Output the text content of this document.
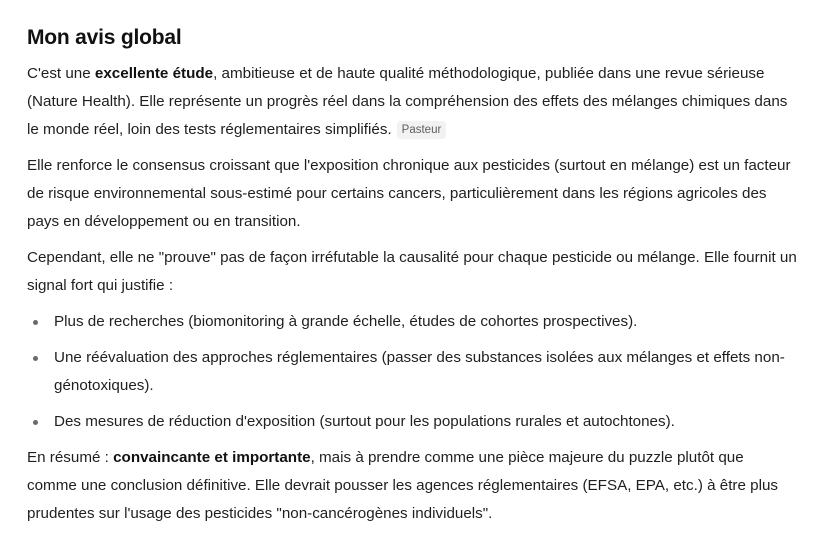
Mon avis global

C'est une excellente étude, ambitieuse et de haute qualité méthodologique, publiée dans une revue sérieuse (Nature Health). Elle représente un progrès réel dans la compréhension des effets des mélanges chimiques dans le monde réel, loin des tests réglementaires simplifiés. Pasteur

Elle renforce le consensus croissant que l'exposition chronique aux pesticides (surtout en mélange) est un facteur de risque environnemental sous-estimé pour certains cancers, particulièrement dans les régions agricoles des pays en développement ou en transition.

Cependant, elle ne "prouve" pas de façon irréfutable la causalité pour chaque pesticide ou mélange. Elle fournit un signal fort qui justifie :

Plus de recherches (biomonitoring à grande échelle, études de cohortes prospectives).
Une réévaluation des approches réglementaires (passer des substances isolées aux mélanges et effets non-génotoxiques).
Des mesures de réduction d'exposition (surtout pour les populations rurales et autochtones).

En résumé : convaincante et importante, mais à prendre comme une pièce majeure du puzzle plutôt que comme une conclusion définitive. Elle devrait pousser les agences réglementaires (EFSA, EPA, etc.) à être plus prudentes sur l'usage des pesticides "non-cancérogènes individuels".
